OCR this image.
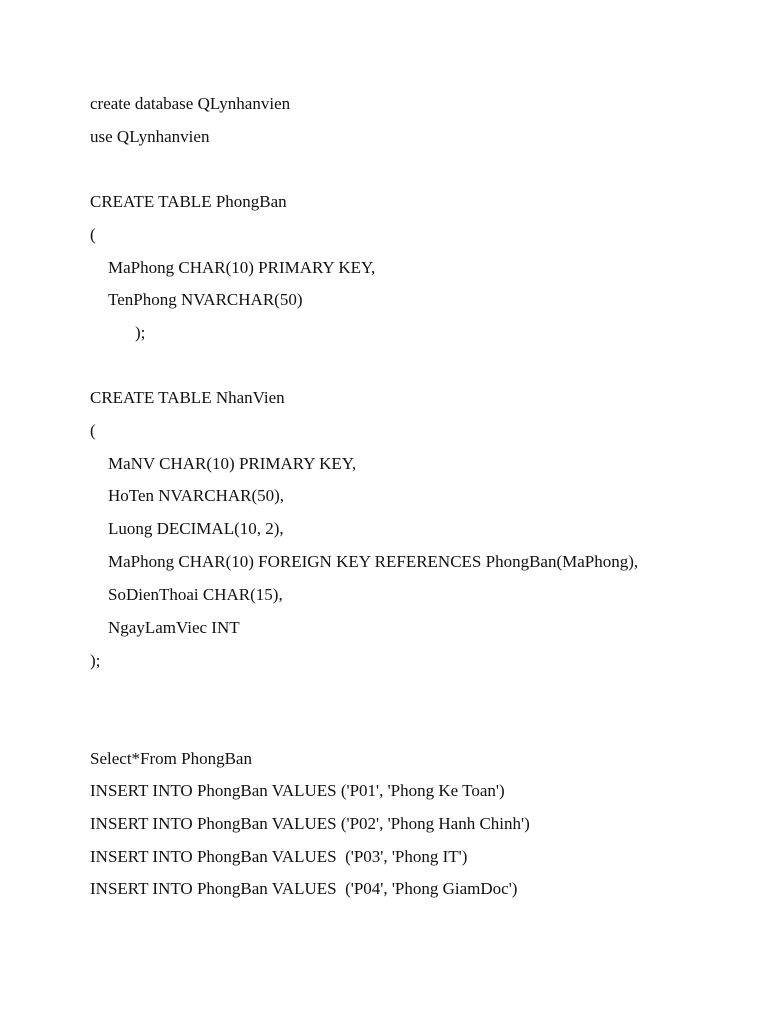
create database QLynhanvien
use QLynhanvien
CREATE TABLE PhongBan
(
MaPhong CHAR(10) PRIMARY KEY,
TenPhong NVARCHAR(50)
);
CREATE TABLE NhanVien
(
MaNV CHAR(10) PRIMARY KEY,
HoTen NVARCHAR(50),
Luong DECIMAL(10, 2),
MaPhong CHAR(10) FOREIGN KEY REFERENCES PhongBan(MaPhong),
SoDienThoai CHAR(15),
NgayLamViec INT
);
Select*From PhongBan
INSERT INTO PhongBan VALUES ('P01', 'Phong Ke Toan')
INSERT INTO PhongBan VALUES ('P02', 'Phong Hanh Chinh')
INSERT INTO PhongBan VALUES  ('P03', 'Phong IT')
INSERT INTO PhongBan VALUES  ('P04', 'Phong GiamDoc')
